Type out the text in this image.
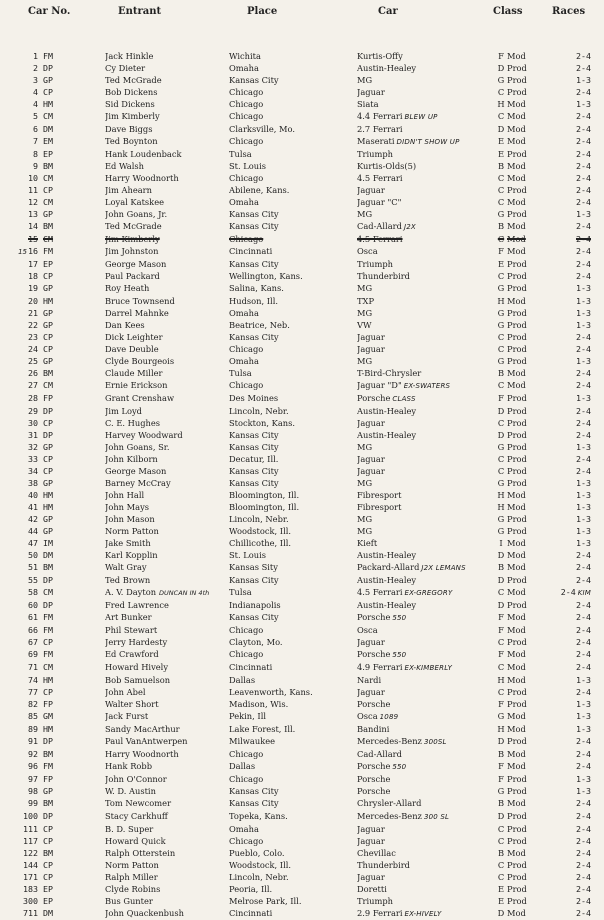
Car No.	Entrant	Place	Car	Class	Races
1	FM	Jack Hinkle	Wichita	Kurtis-Offy	F	Mod	2-4
2	DP	Cy Dieter	Omaha	Austin-Healey	D	Prod	2-4
3	GP	Ted McGrade	Kansas City	MG	G	Prod	1-3
4	CP	Bob Dickens	Chicago	Jaguar	C	Prod	2-4
4	HM	Sid Dickens	Chicago	Siata	H	Mod	1-3
5	CM	Jim Kimberly	Chicago	4.4 Ferrari BLEW UP	C	Mod	2-4
6	DM	Dave Biggs	Clarksville, Mo.	2.7 Ferrari	D	Mod	2-4
7	EM	Ted Boynton	Chicago	Maserati DIDN'T SHOW UP	E	Mod	2-4
8	EP	Hank Loudenback	Tulsa	Triumph	E	Prod	2-4
9	BM	Ed Walsh	St. Louis	Kurtis-Olds(5)	B	Mod	2-4
10	CM	Harry Woodnorth	Chicago	4.5 Ferrari	C	Mod	2-4
11	CP	Jim Ahearn	Abilene, Kans.	Jaguar	C	Prod	2-4
12	CM	Loyal Katskee	Omaha	Jaguar "C"	C	Mod	2-4
13	GP	John Goans, Jr.	Kansas City	MG	G	Prod	1-3
14	BM	Ted McGrade	Kansas City	Cad-Allard J2X	B	Mod	2-4
15	CM	Jim Kimberly	Chicago	4.5 Ferrari	C	Mod	2-4
1516	FM	Jim Johnston	Cincinnati	Osca	F	Mod	2-4
17	EP	George Mason	Kansas City	Triumph	E	Prod	2-4
18	CP	Paul Packard	Wellington, Kans.	Thunderbird	C	Prod	2-4
19	GP	Roy Heath	Salina, Kans.	MG	G	Prod	1-3
20	HM	Bruce Townsend	Hudson, Ill.	TXP	H	Mod	1-3
21	GP	Darrel Mahnke	Omaha	MG	G	Prod	1-3
22	GP	Dan Kees	Beatrice, Neb.	VW	G	Prod	1-3
23	CP	Dick Leighter	Kansas City	Jaguar	C	Prod	2-4
24	CP	Dave Deuble	Chicago	Jaguar	C	Prod	2-4
25	GP	Clyde Bourgeois	Omaha	MG	G	Prod	1-3
26	BM	Claude Miller	Tulsa	T-Bird-Chrysler	B	Mod	2-4
27	CM	Ernie Erickson	Chicago	Jaguar "D" EX-SWATERS	C	Mod	2-4
28	FP	Grant Crenshaw	Des Moines	Porsche CLASS	F	Prod	1-3
29	DP	Jim Loyd	Lincoln, Nebr.	Austin-Healey	D	Prod	2-4
30	CP	C. E. Hughes	Stockton, Kans.	Jaguar	C	Prod	2-4
31	DP	Harvey Woodward	Kansas City	Austin-Healey	D	Prod	2-4
32	GP	John Goans, Sr.	Kansas City	MG	G	Prod	1-3
33	CP	John Kilborn	Decatur, Ill.	Jaguar	C	Prod	2-4
34	CP	George Mason	Kansas City	Jaguar	C	Prod	2-4
38	GP	Barney McCray	Kansas City	MG	G	Prod	1-3
40	HM	John Hall	Bloomington, Ill.	Fibresport	H	Mod	1-3
41	HM	John Mays	Bloomington, Ill.	Fibresport	H	Mod	1-3
42	GP	John Mason	Lincoln, Nebr.	MG	G	Prod	1-3
44	GP	Norm Patton	Woodstock, Ill.	MG	G	Prod	1-3
47	IM	Jake Smith	Chillicothe, Ill.	Kieft	I	Mod	1-3
50	DM	Karl Kopplin	St. Louis	Austin-Healey	D	Mod	2-4
51	BM	Walt Gray	Kansas Sity	Packard-Allard J2X LEMANS	B	Mod	2-4
55	DP	Ted Brown	Kansas City	Austin-Healey	D	Prod	2-4
58	CM	A. V. Dayton DUNCAN IN 4th	Tulsa	4.5 Ferrari EX-GREGORY	C	Mod	2-4 KIM
60	DP	Fred Lawrence	Indianapolis	Austin-Healey	D	Prod	2-4
61	FM	Art Bunker	Kansas City	Porsche 550	F	Mod	2-4
66	FM	Phil Stewart	Chicago	Osca	F	Mod	2-4
67	CP	Jerry Hardesty	Clayton, Mo.	Jaguar	C	Prod	2-4
69	FM	Ed Crawford	Chicago	Porsche 550	F	Mod	2-4
71	CM	Howard Hively	Cincinnati	4.9 Ferrari EX-KIMBERLY	C	Mod	2-4
74	HM	Bob Samuelson	Dallas	Nardi	H	Mod	1-3
77	CP	John Abel	Leavenworth, Kans.	Jaguar	C	Prod	2-4
82	FP	Walter Short	Madison, Wis.	Porsche	F	Prod	1-3
85	GM	Jack Furst	Pekin, Ill	Osca 1089	G	Mod	1-3
89	HM	Sandy MacArthur	Lake Forest, Ill.	Bandini	H	Mod	1-3
91	DP	Paul VanAntwerpen	Milwaukee	Mercedes-Benz 300SL	D	Prod	2-4
92	BM	Harry Woodnorth	Chicago	Cad-Allard	B	Mod	2-4
96	FM	Hank Robb	Dallas	Porsche 550	F	Mod	2-4
97	FP	John O'Connor	Chicago	Porsche	F	Prod	1-3
98	GP	W. D. Austin	Kansas City	Porsche	G	Prod	1-3
99	BM	Tom Newcomer	Kansas City	Chrysler-Allard	B	Mod	2-4
100	DP	Stacy Carkhuff	Topeka, Kans.	Mercedes-Benz 300 SL	D	Prod	2-4
111	CP	B. D. Super	Omaha	Jaguar	C	Prod	2-4
117	CP	Howard Quick	Chicago	Jaguar	C	Prod	2-4
122	BM	Ralph Otterstein	Pueblo, Colo.	Chevillac	B	Mod	2-4
144	CP	Norm Patton	Woodstock, Ill.	Thunderbird	C	Prod	2-4
171	CP	Ralph Miller	Lincoln, Nebr.	Jaguar	C	Prod	2-4
183	EP	Clyde Robins	Peoria, Ill.	Doretti	E	Prod	2-4
300	EP	Bus Gunter	Melrose Park, Ill.	Triumph	E	Prod	2-4
711	DM	John Quackenbush	Cincinnati	2.9 Ferrari EX-HIVELY	D	Mod	2-4
